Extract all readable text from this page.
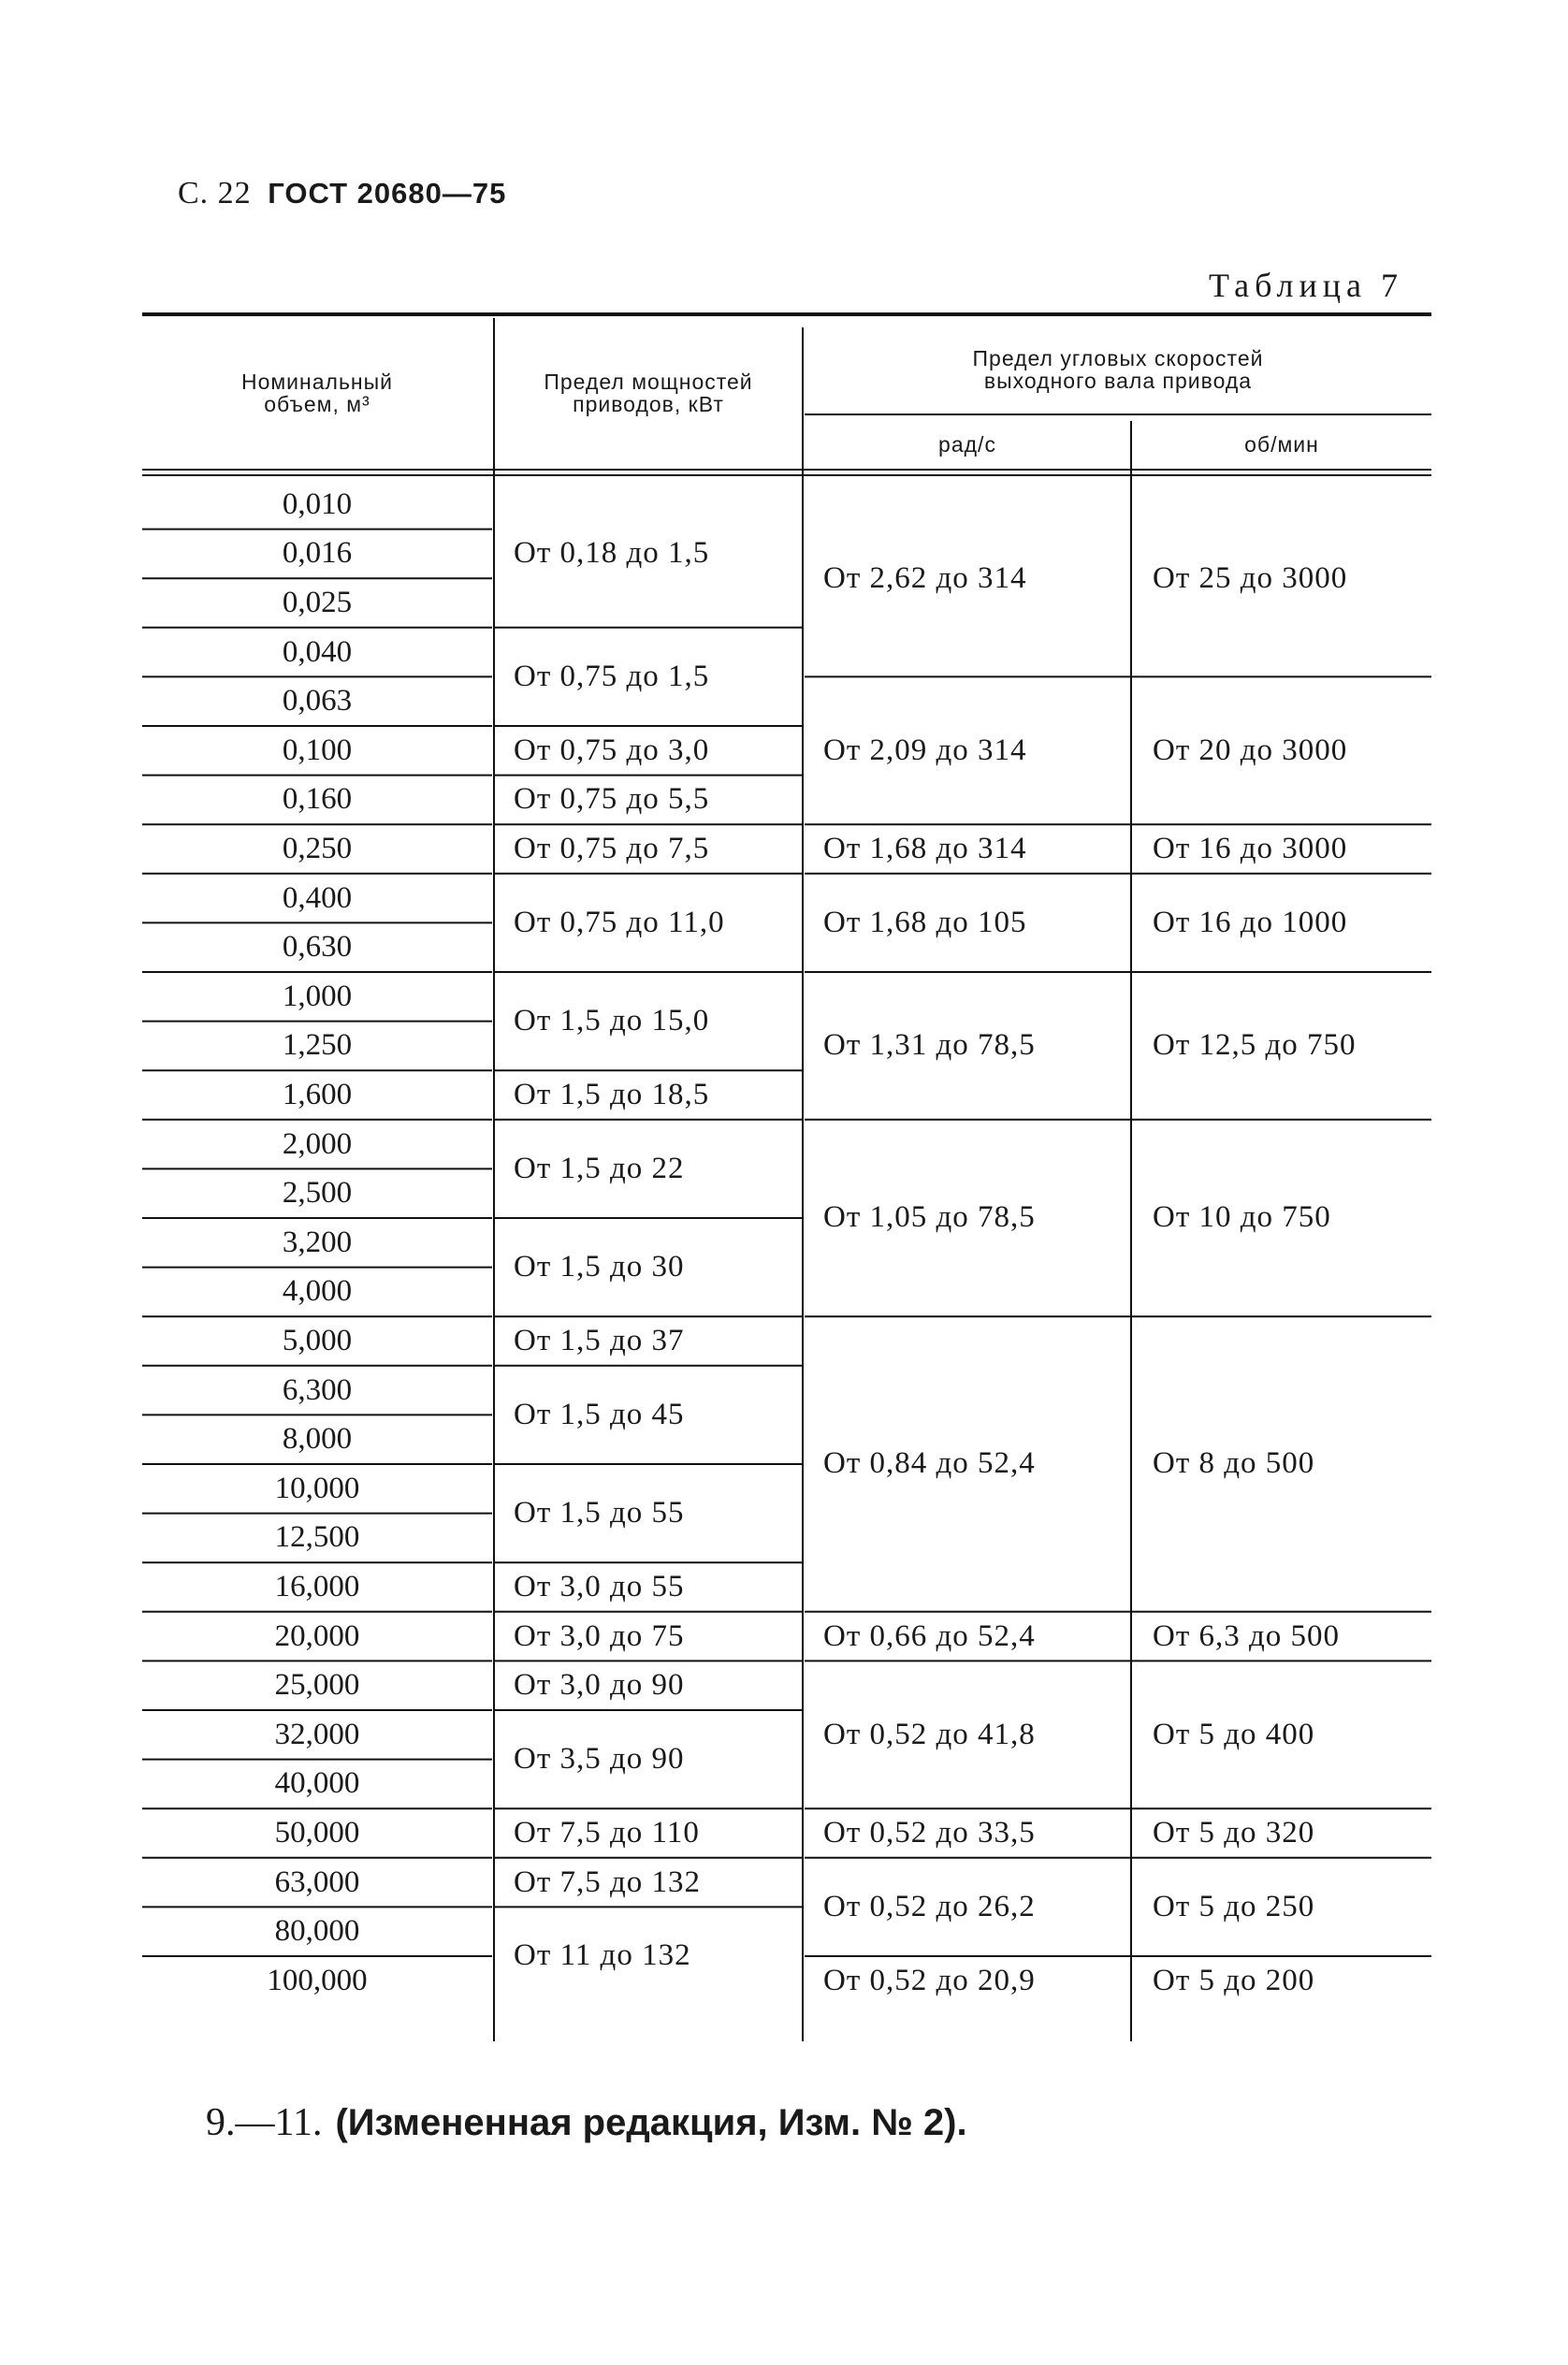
С. 22 ГОСТ 20680—75
Таблица 7
Номинальный
объем, м³
Предел мощностей
приводов, кВт
Предел угловых скоростей
выходного вала привода
рад/с	об/мин
0,010
0,016
0,025
0,040
0,063
0,100
0,160
0,250
0,400
0,630
1,000
1,250
1,600
2,000
2,500
3,200
4,000
5,000
6,300
8,000
10,000
12,500
16,000
20,000
25,000
32,000
40,000
50,000
63,000
80,000
100,000
От 0,18 до 1,5
От 0,75 до 1,5
От 0,75 до 3,0
От 0,75 до 5,5
От 0,75 до 7,5
От 0,75 до 11,0
От 1,5 до 15,0
От 1,5 до 18,5
От 1,5 до 22
От 1,5 до 30
От 1,5 до 37
От 1,5 до 45
От 1,5 до 55
От 3,0 до 55
От 3,0 до 75
От 3,0 до 90
От 3,5 до 90
От 7,5 до 110
От 7,5 до 132
От 11 до 132
От 2,62 до 314
От 2,09 до 314
От 1,68 до 314
От 1,68 до 105
От 1,31 до 78,5
От 1,05 до 78,5
От 0,84 до 52,4
От 0,66 до 52,4
От 0,52 до 41,8
От 0,52 до 33,5
От 0,52 до 26,2
От 0,52 до 20,9
От 25 до 3000
От 20 до 3000
От 16 до 3000
От 16 до 1000
От 12,5 до 750
От 10 до 750
От 8 до 500
От 6,3 до 500
От 5 до 400
От 5 до 320
От 5 до 250
От 5 до 200
9.—11. (Измененная редакция, Изм. № 2).
